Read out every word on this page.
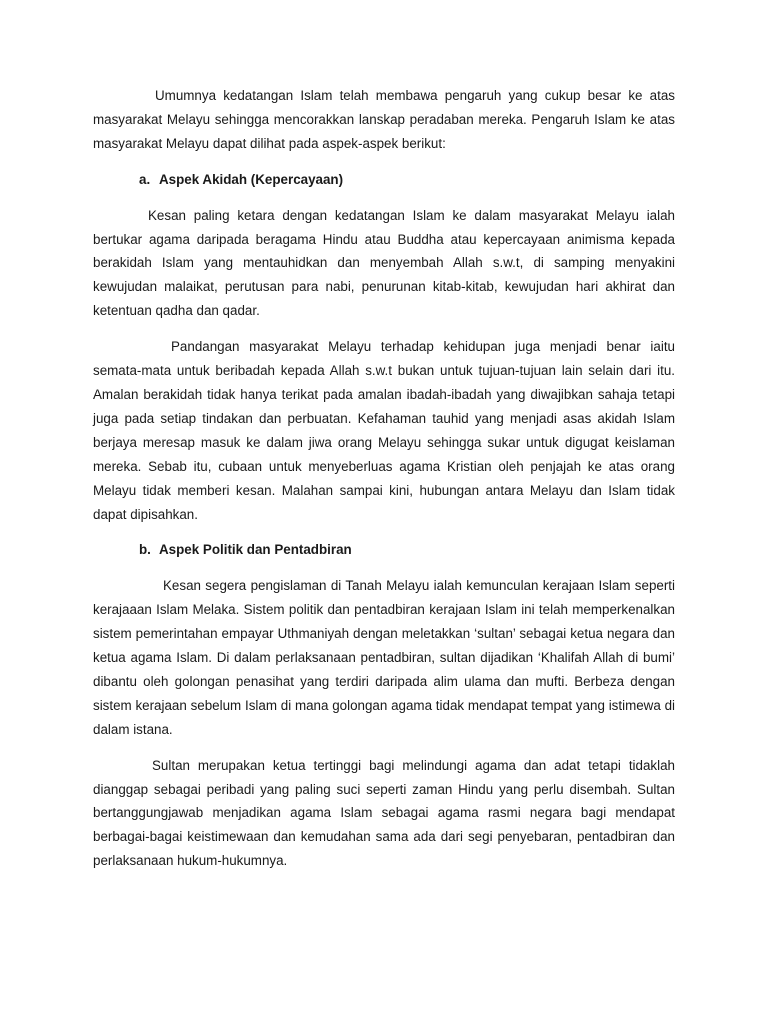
Umumnya kedatangan Islam telah membawa pengaruh yang cukup besar ke atas masyarakat Melayu sehingga mencorakkan lanskap peradaban mereka. Pengaruh Islam ke atas masyarakat Melayu dapat dilihat pada aspek-aspek berikut:

a. Aspek Akidah (Kepercayaan)

Kesan paling ketara dengan kedatangan Islam ke dalam masyarakat Melayu ialah bertukar agama daripada beragama Hindu atau Buddha atau kepercayaan animisma kepada berakidah Islam yang mentauhidkan dan menyembah Allah s.w.t, di samping menyakini kewujudan malaikat, perutusan para nabi, penurunan kitab-kitab, kewujudan hari akhirat dan ketentuan qadha dan qadar.

Pandangan masyarakat Melayu terhadap kehidupan juga menjadi benar iaitu semata-mata untuk beribadah kepada Allah s.w.t bukan untuk tujuan-tujuan lain selain dari itu. Amalan berakidah tidak hanya terikat pada amalan ibadah-ibadah yang diwajibkan sahaja tetapi juga pada setiap tindakan dan perbuatan. Kefahaman tauhid yang menjadi asas akidah Islam berjaya meresap masuk ke dalam jiwa orang Melayu sehingga sukar untuk digugat keislaman mereka. Sebab itu, cubaan untuk menyeberluas agama Kristian oleh penjajah ke atas orang Melayu tidak memberi kesan. Malahan sampai kini, hubungan antara Melayu dan Islam tidak dapat dipisahkan.

b. Aspek Politik dan Pentadbiran

Kesan segera pengislaman di Tanah Melayu ialah kemunculan kerajaan Islam seperti kerajaaan Islam Melaka. Sistem politik dan pentadbiran kerajaan Islam ini telah memperkenalkan sistem pemerintahan empayar Uthmaniyah dengan meletakkan ‘sultan’ sebagai ketua negara dan ketua agama Islam. Di dalam perlaksanaan pentadbiran, sultan dijadikan ‘Khalifah Allah di bumi’ dibantu oleh golongan penasihat yang terdiri daripada alim ulama dan mufti. Berbeza dengan sistem kerajaan sebelum Islam di mana golongan agama tidak mendapat tempat yang istimewa di dalam istana.

Sultan merupakan ketua tertinggi bagi melindungi agama dan adat tetapi tidaklah dianggap sebagai peribadi yang paling suci seperti zaman Hindu yang perlu disembah. Sultan bertanggungjawab menjadikan agama Islam sebagai agama rasmi negara bagi mendapat berbagai-bagai keistimewaan dan kemudahan sama ada dari segi penyebaran, pentadbiran dan perlaksanaan hukum-hukumnya.
